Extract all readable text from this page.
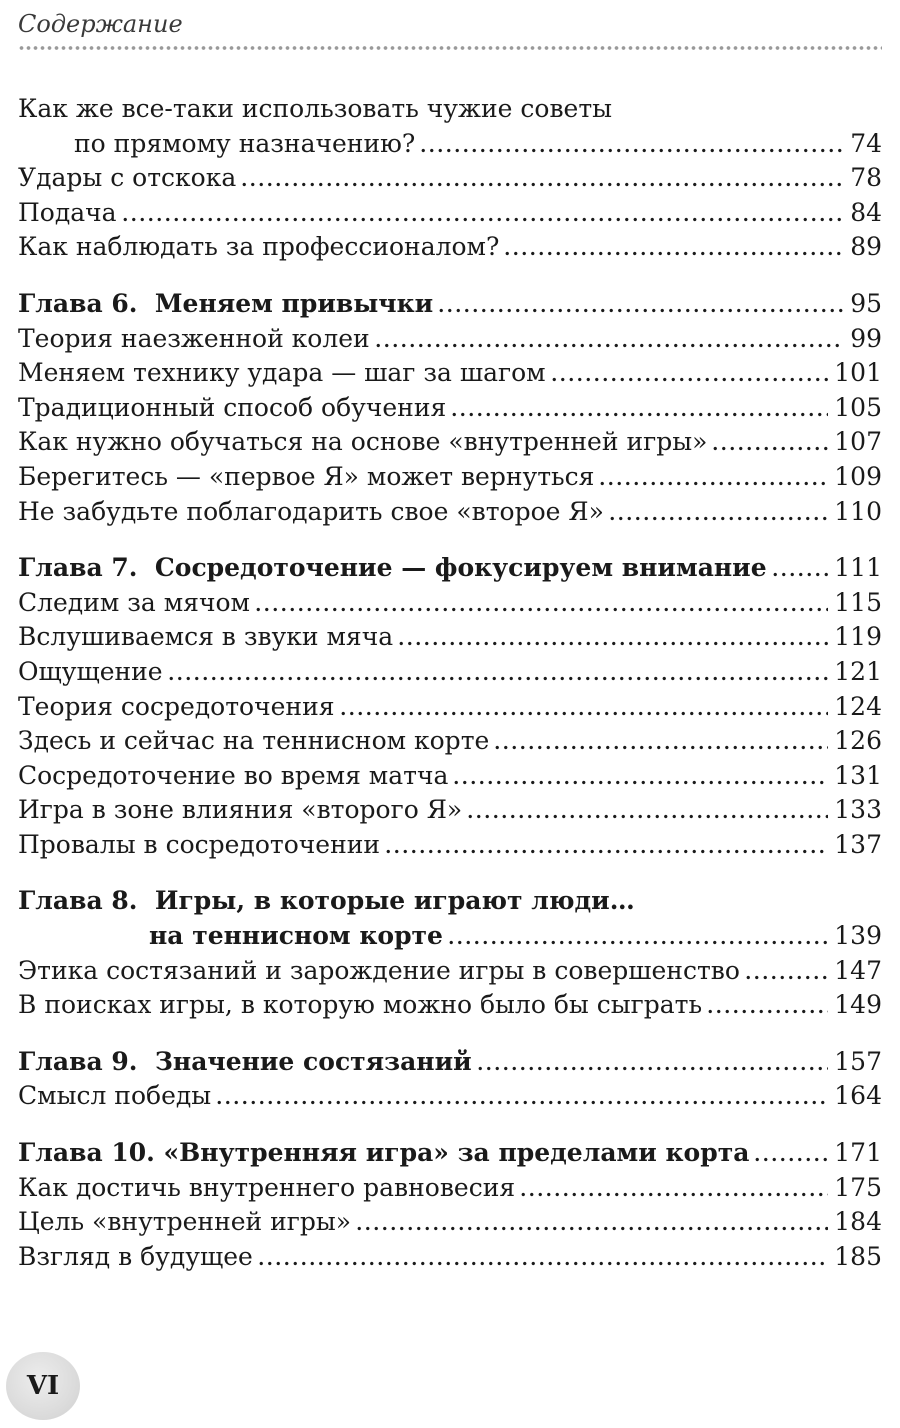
Содержание
Как же все-таки использовать чужие советы
по прямому назначению?	74
Удары с отскока	78
Подача	84
Как наблюдать за профессионалом?	89
Глава 6.  Меняем привычки	95
Теория наезженной колеи	99
Меняем технику удара — шаг за шагом	101
Традиционный способ обучения	105
Как нужно обучаться на основе «внутренней игры»	107
Берегитесь — «первое Я» может вернуться	109
Не забудьте поблагодарить свое «второе Я»	110
Глава 7.  Сосредоточение — фокусируем внимание	111
Следим за мячом	115
Вслушиваемся в звуки мяча	119
Ощущение	121
Теория сосредоточения	124
Здесь и сейчас на теннисном корте	126
Сосредоточение во время матча	131
Игра в зоне влияния «второго Я»	133
Провалы в сосредоточении	137
Глава 8.  Игры, в которые играют люди…
на теннисном корте	139
Этика состязаний и зарождение игры в совершенство	147
В поисках игры, в которую можно было бы сыграть	149
Глава 9.  Значение состязаний	157
Смысл победы	164
Глава 10. «Внутренняя игра» за пределами корта	171
Как достичь внутреннего равновесия	175
Цель «внутренней игры»	184
Взгляд в будущее	185
VI
